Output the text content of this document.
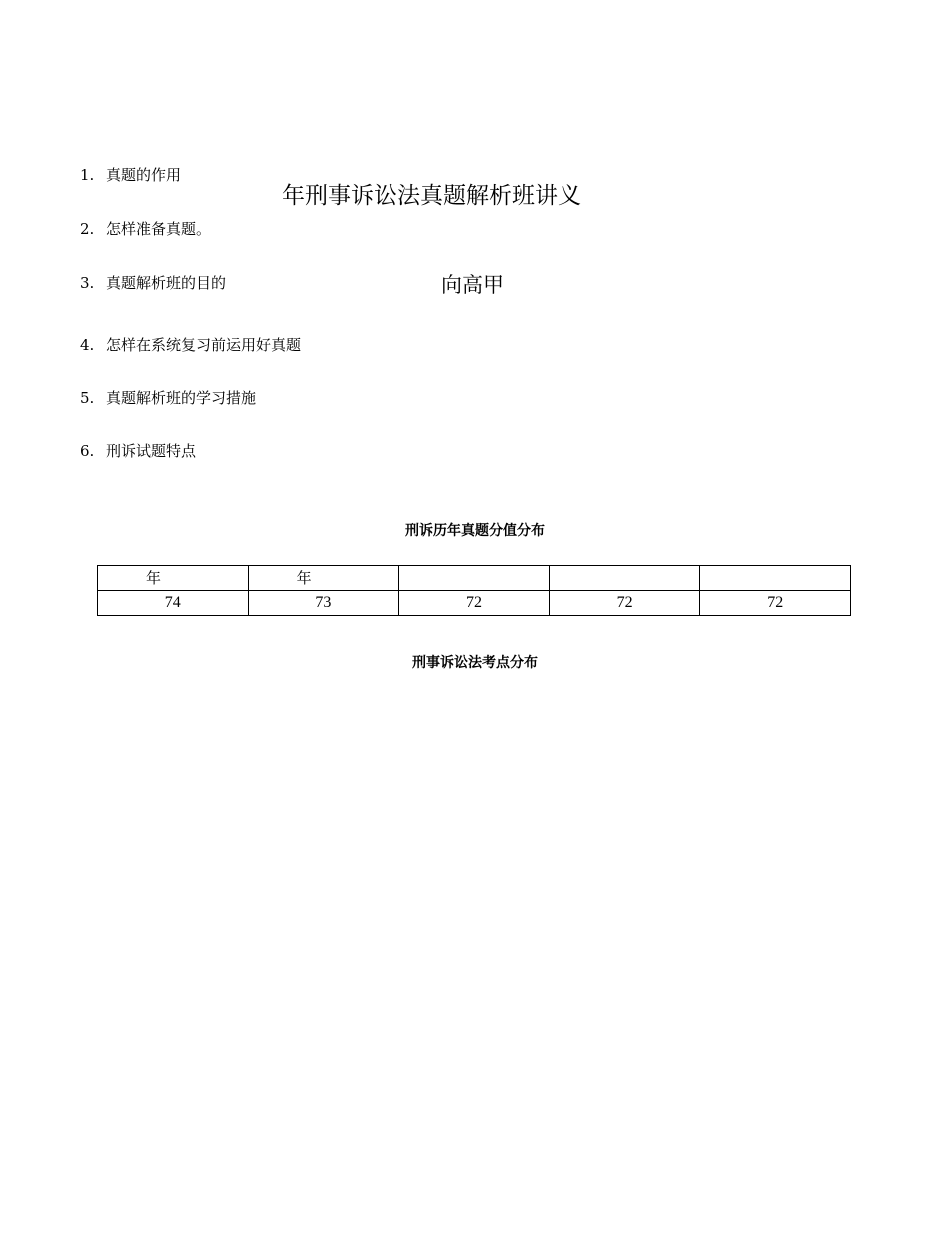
1. 真题的作用
年刑事诉讼法真题解析班讲义
2. 怎样准备真题。
3. 真题解析班的目的	向高甲
4. 怎样在系统复习前运用好真题
5. 真题解析班的学习措施
6. 刑诉试题特点
刑诉历年真题分值分布
年	年			
74	73	72	72	72
刑事诉讼法考点分布
